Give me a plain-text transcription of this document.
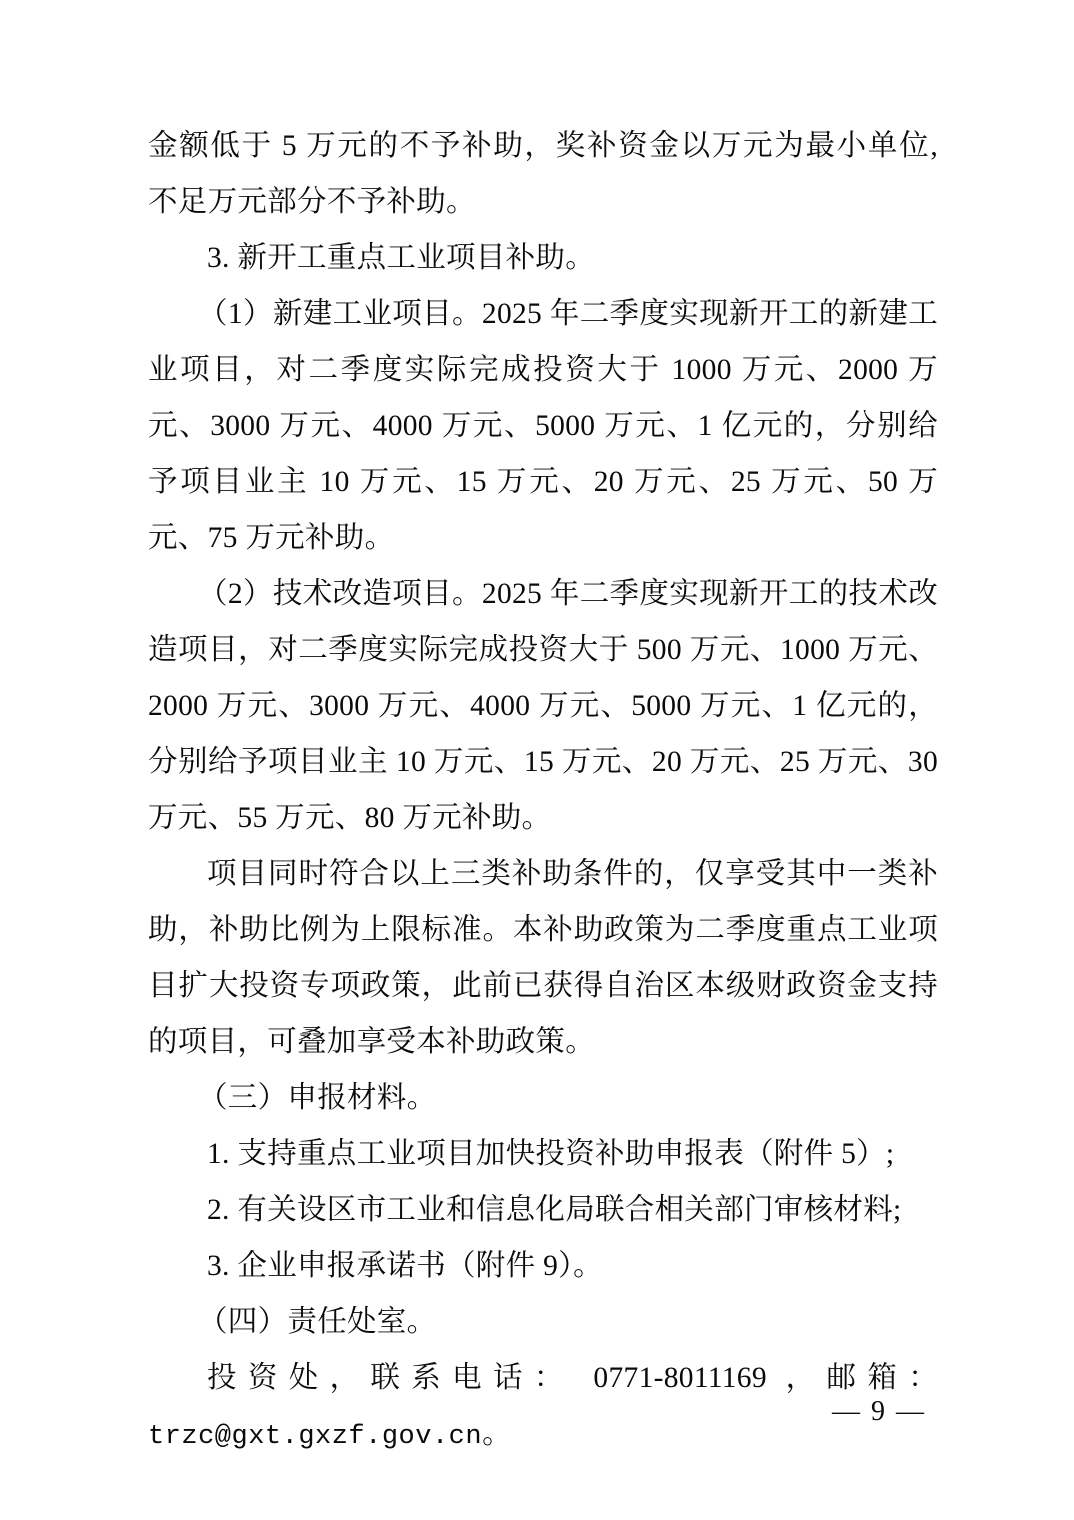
金额低于 5 万元的不予补助，奖补资金以万元为最小单位, 不足万元部分不予补助。

3. 新开工重点工业项目补助。

（1）新建工业项目。2025 年二季度实现新开工的新建工业项目，对二季度实际完成投资大于 1000 万元、2000 万元、3000 万元、4000 万元、5000 万元、1 亿元的，分别给予项目业主 10 万元、15 万元、20 万元、25 万元、50 万元、75 万元补助。

（2）技术改造项目。2025 年二季度实现新开工的技术改造项目，对二季度实际完成投资大于 500 万元、1000 万元、2000 万元、3000 万元、4000 万元、5000 万元、1 亿元的，分别给予项目业主 10 万元、15 万元、20 万元、25 万元、30 万元、55 万元、80 万元补助。

项目同时符合以上三类补助条件的，仅享受其中一类补助，补助比例为上限标准。本补助政策为二季度重点工业项目扩大投资专项政策，此前已获得自治区本级财政资金支持的项目，可叠加享受本补助政策。

（三）申报材料。

1. 支持重点工业项目加快投资补助申报表（附件 5）;

2. 有关设区市工业和信息化局联合相关部门审核材料;

3. 企业申报承诺书（附件 9）。

（四）责任处室。

投资处，联系电话： 0771-8011169 ，邮箱：

trzc@gxt.gxzf.gov.cn。

— 9 —
